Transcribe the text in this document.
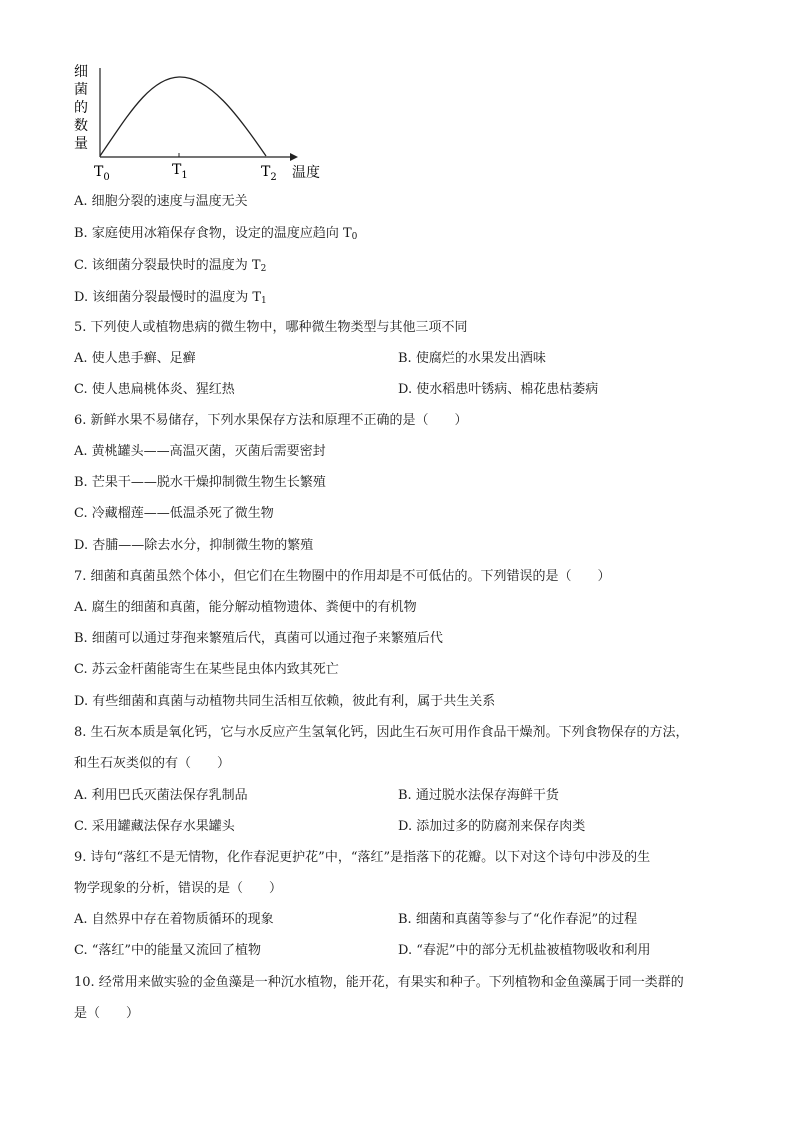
细
菌
的
数
量
$T_0$	$T_1$	$T_2$ 温度
A. 细胞分裂的速度与温度无关
B. 家庭使用冰箱保存食物，设定的温度应趋向 $T_0$
C. 该细菌分裂最快时的温度为 $T_2$
D. 该细菌分裂最慢时的温度为 $T_1$
5. 下列使人或植物患病的微生物中，哪种微生物类型与其他三项不同
A. 使人患手癣、足癣	B. 使腐烂的水果发出酒味
C. 使人患扁桃体炎、猩红热	D. 使水稻患叶锈病、棉花患枯萎病
6. 新鲜水果不易储存，下列水果保存方法和原理不正确的是（　　）
A. 黄桃罐头——高温灭菌，灭菌后需要密封
B. 芒果干——脱水干燥抑制微生物生长繁殖
C. 冷藏榴莲——低温杀死了微生物
D. 杏脯——除去水分，抑制微生物的繁殖
7. 细菌和真菌虽然个体小，但它们在生物圈中的作用却是不可低估的。下列错误的是（　　）
A. 腐生的细菌和真菌，能分解动植物遗体、粪便中的有机物
B. 细菌可以通过芽孢来繁殖后代，真菌可以通过孢子来繁殖后代
C. 苏云金杆菌能寄生在某些昆虫体内致其死亡
D. 有些细菌和真菌与动植物共同生活相互依赖，彼此有利，属于共生关系
8. 生石灰本质是氧化钙，它与水反应产生氢氧化钙，因此生石灰可用作食品干燥剂。下列食物保存的方法，
和生石灰类似的有（　　）
A. 利用巴氏灭菌法保存乳制品	B. 通过脱水法保存海鲜干货
C. 采用罐藏法保存水果罐头	D. 添加过多的防腐剂来保存肉类
9. 诗句“落红不是无情物，化作春泥更护花”中，“落红”是指落下的花瓣。以下对这个诗句中涉及的生
物学现象的分析，错误的是（　　）
A. 自然界中存在着物质循环的现象	B. 细菌和真菌等参与了“化作春泥”的过程
C. “落红”中的能量又流回了植物	D. “春泥”中的部分无机盐被植物吸收和利用
10. 经常用来做实验的金鱼藻是一种沉水植物，能开花，有果实和种子。下列植物和金鱼藻属于同一类群的
是（　　）
